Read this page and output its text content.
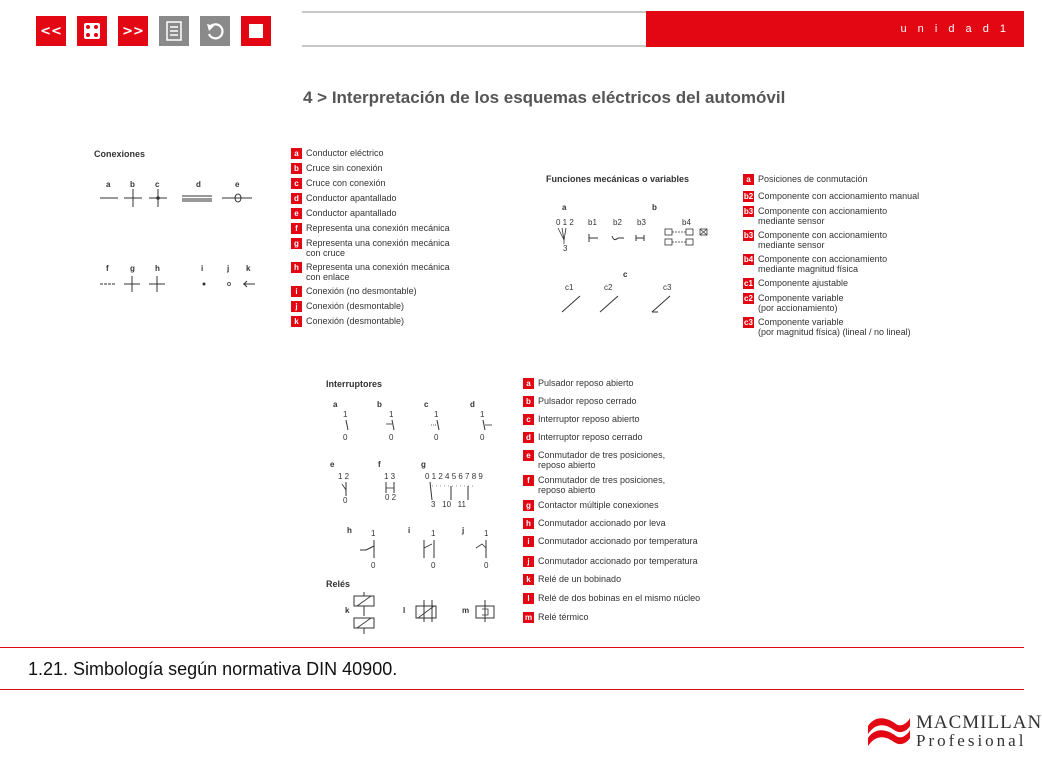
<<	>>	u n i d a d 1
4 > Interpretación de los esquemas eléctricos del automóvil
Conexiones
a b	c	d	e
f	g	h	i	j k
a Conductor eléctrico
b Cruce sin conexión
c Cruce con conexión
d Conductor apantallado
e Conductor apantallado
f Representa una conexión mecánica
g Representa una conexión mecánica
con cruce
h Representa una conexión mecánica
con enlace
i Conexión (no desmontable)
j Conexión (desmontable)
k Conexión (desmontable)
Funciones mecánicas o variables
a	b
c
0 1 2
3
b1 b2 b3	b4
c1	c2	c3
a Posiciones de conmutación
b2 Componente con accionamiento manual
b3 Componente con accionamiento
mediante sensor
b3 Componente con accionamiento
mediante sensor
b4 Componente con accionamiento
mediante magnitud física
c1 Componente ajustable
c2 Componente variable
(por accionamiento)
c3 Componente variable
(por magnitud física) (lineal / no lineal)
Interruptores
a	b	c	d
1	1	1	1
0	0	0	0
e	f	g
1 2
0
1 3
0 2
0 1 2 4 5 6 7 8 9
3   10   11
h	i	j
1	1	1
0	0	0
Relés
k	l	m
a Pulsador reposo abierto
b Pulsador reposo cerrado
c Interruptor reposo abierto
d Interruptor reposo cerrado
e Conmutador de tres posiciones,
reposo abierto
f Conmutador de tres posiciones,
reposo abierto
g Contactor múltiple conexiones
h Conmutador accionado por leva
i Conmutador accionado por temperatura
j Conmutador accionado por temperatura
k Relé de un bobinado
l Relé de dos bobinas en el mismo núcleo
m Relé térmico
1.21. Simbología según normativa DIN 40900.
MACMILLAN
Profesional
